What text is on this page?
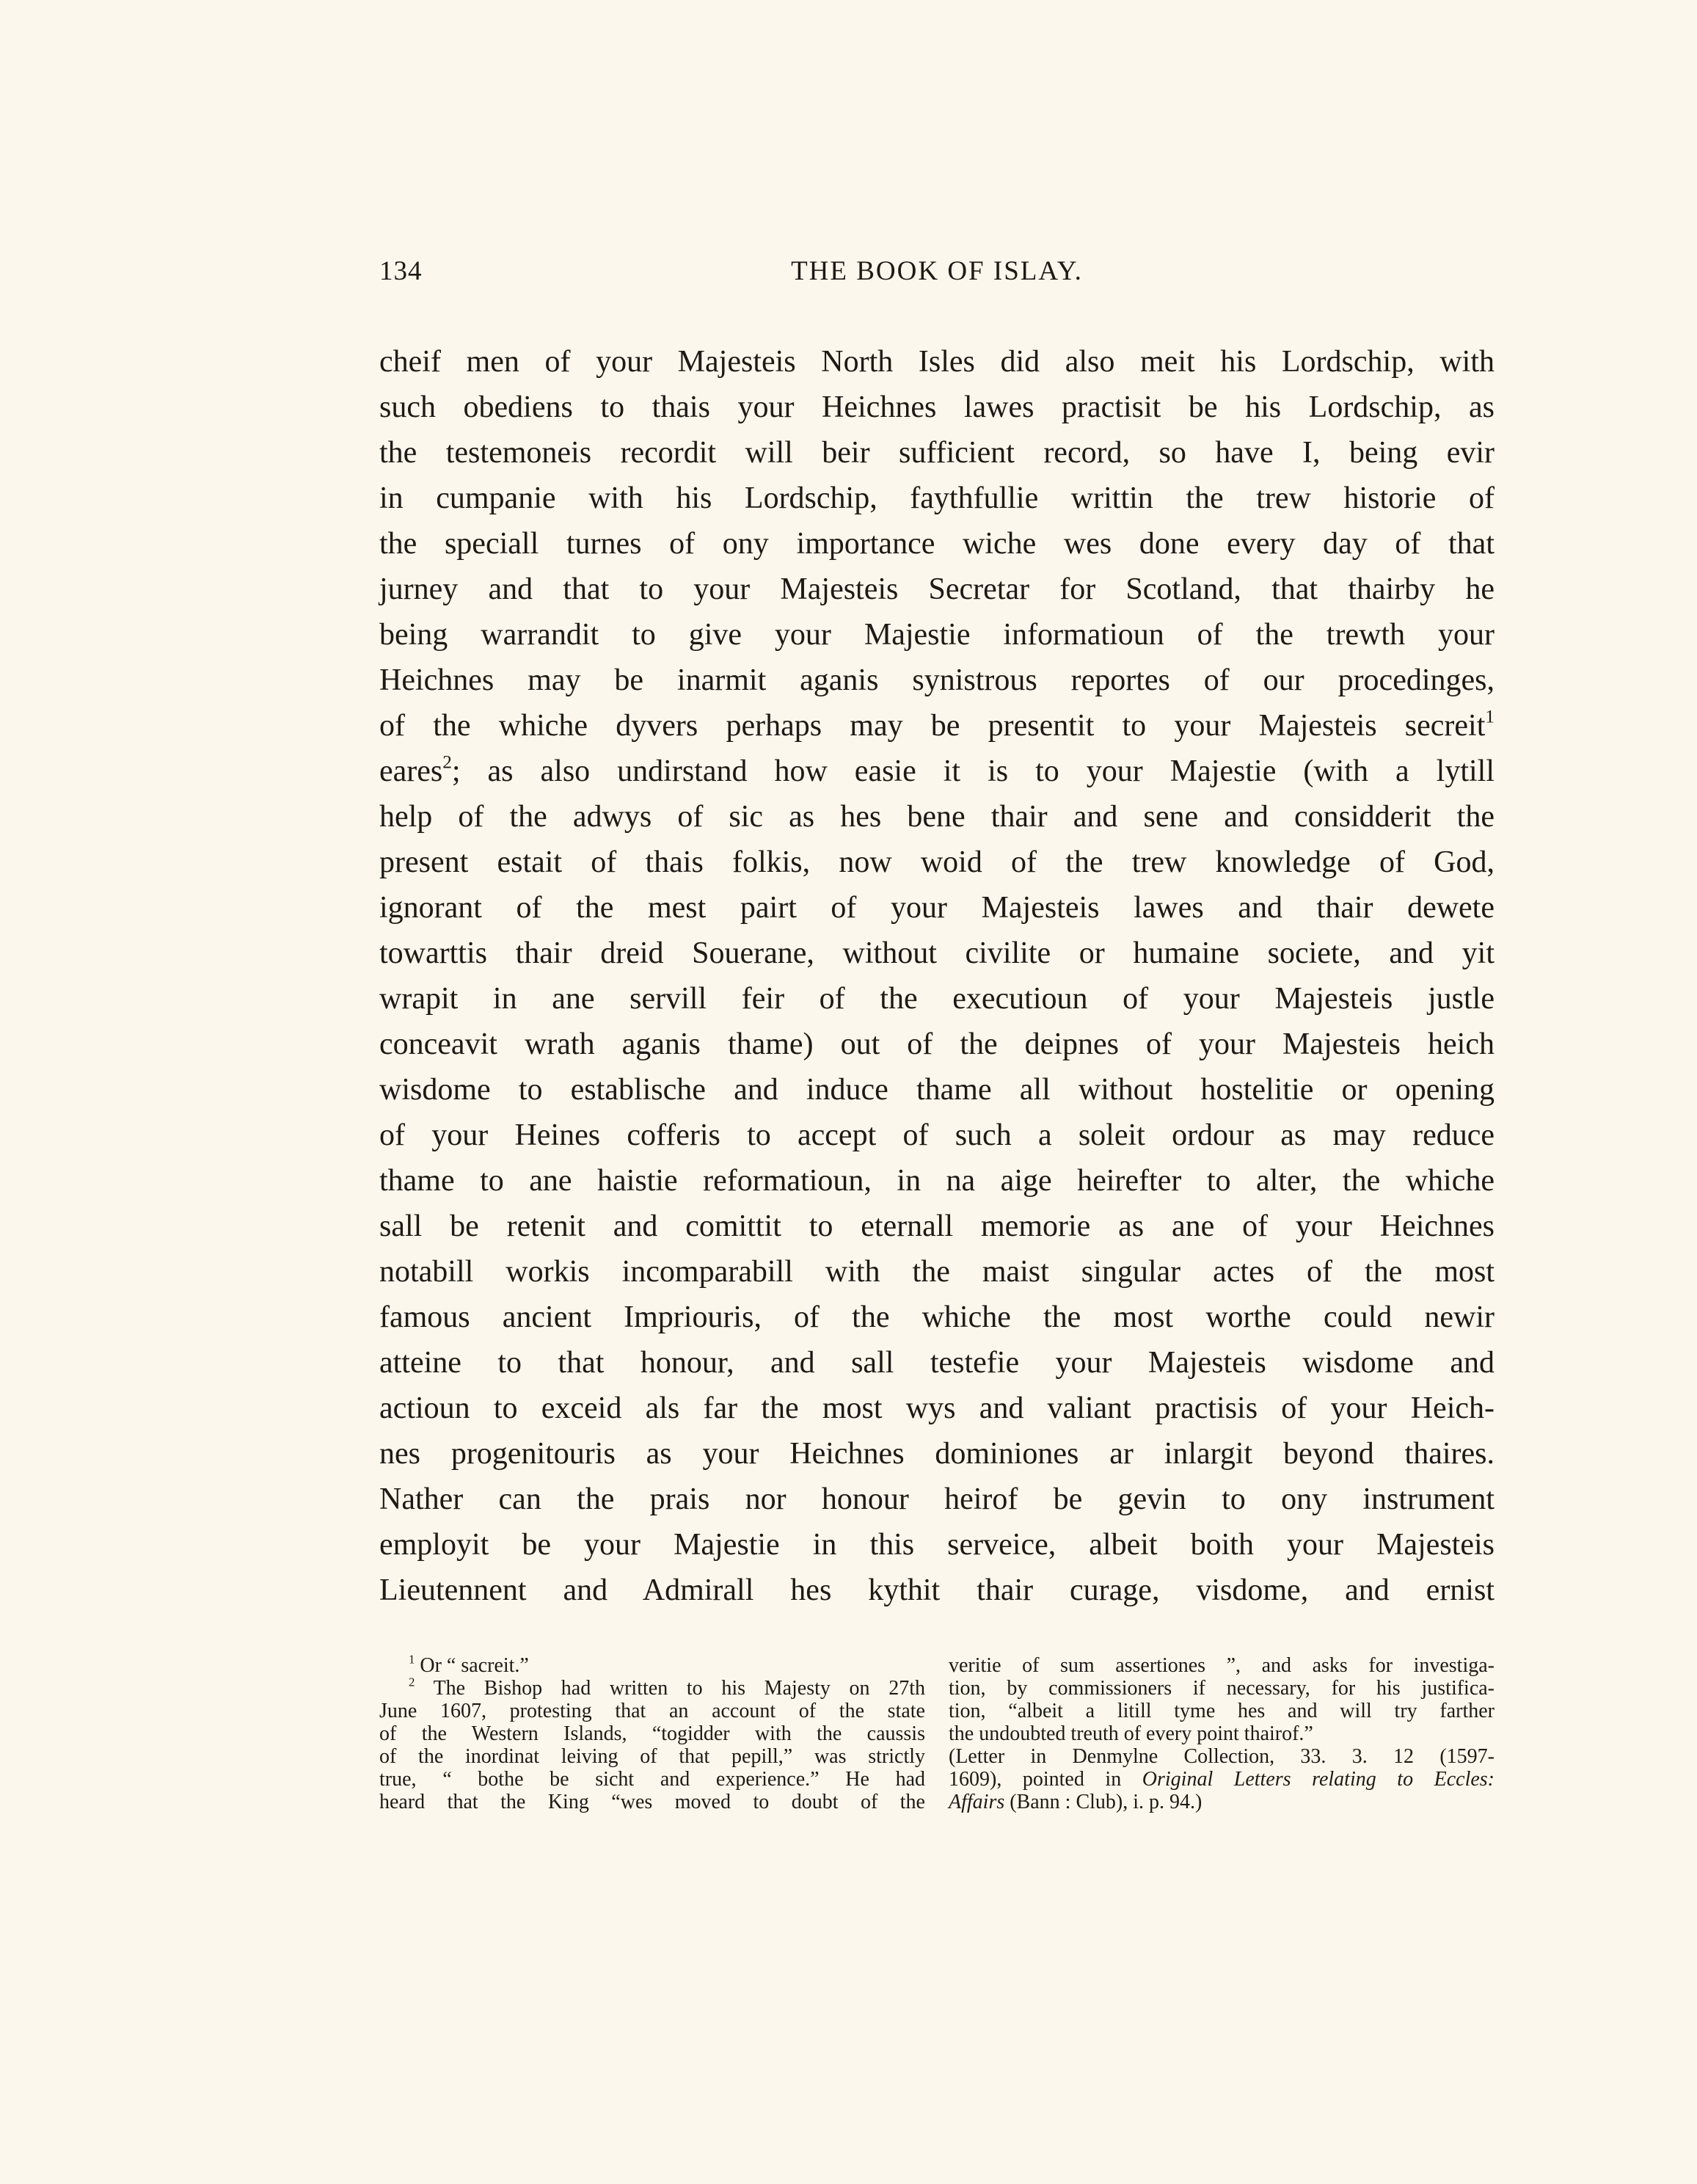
134	THE BOOK OF ISLAY.
cheif men of your Majesteis North Isles did also meit his Lordschip, with
such obediens to thais your Heichnes lawes practisit be his Lordschip, as
the testemoneis recordit will beir sufficient record, so have I, being evir
in cumpanie with his Lordschip, faythfullie writtin the trew historie of
the speciall turnes of ony importance wiche wes done every day of that
jurney and that to your Majesteis Secretar for Scotland, that thairby he
being warrandit to give your Majestie informatioun of the trewth your
Heichnes may be inarmit aganis synistrous reportes of our procedinges,
of the whiche dyvers perhaps may be presentit to your Majesteis secreit$^1$
eares$^2$; as also undirstand how easie it is to your Majestie (with a lytill
help of the adwys of sic as hes bene thair and sene and considderit the
present estait of thais folkis, now woid of the trew knowledge of God,
ignorant of the mest pairt of your Majesteis lawes and thair dewete
towarttis thair dreid Souerane, without civilite or humaine societe, and yit
wrapit in ane servill feir of the executioun of your Majesteis justle
conceavit wrath aganis thame) out of the deipnes of your Majesteis heich
wisdome to establische and induce thame all without hostelitie or opening
of your Heines cofferis to accept of such a soleit ordour as may reduce
thame to ane haistie reformatioun, in na aige heirefter to alter, the whiche
sall be retenit and comittit to eternall memorie as ane of your Heichnes
notabill workis incomparabill with the maist singular actes of the most
famous ancient Impriouris, of the whiche the most worthe could newir
atteine to that honour, and sall testefie your Majesteis wisdome and
actioun to exceid als far the most wys and valiant practisis of your Heich-
nes progenitouris as your Heichnes dominiones ar inlargit beyond thaires.
Nather can the prais nor honour heirof be gevin to ony instrument
employit be your Majestie in this serveice, albeit boith your Majesteis
Lieutennent and Admirall hes kythit thair curage, visdome, and ernist
$^1$ Or “ sacreit.”
$^2$ The Bishop had written to his Majesty on 27th
June 1607, protesting that an account of the state
of the Western Islands, “togidder with the caussis
of the inordinat leiving of that pepill,” was strictly
true, “ bothe be sicht and experience.” He had
heard that the King “wes moved to doubt of the
veritie of sum assertiones ”, and asks for investiga-
tion, by commissioners if necessary, for his justifica-
tion, “albeit a litill tyme hes and will try farther
the undoubted treuth of every point thairof.”
(Letter in Denmylne Collection, 33. 3. 12 (1597-
1609), pointed in Original Letters relating to Eccles:
Affairs (Bann : Club), i. p. 94.)
